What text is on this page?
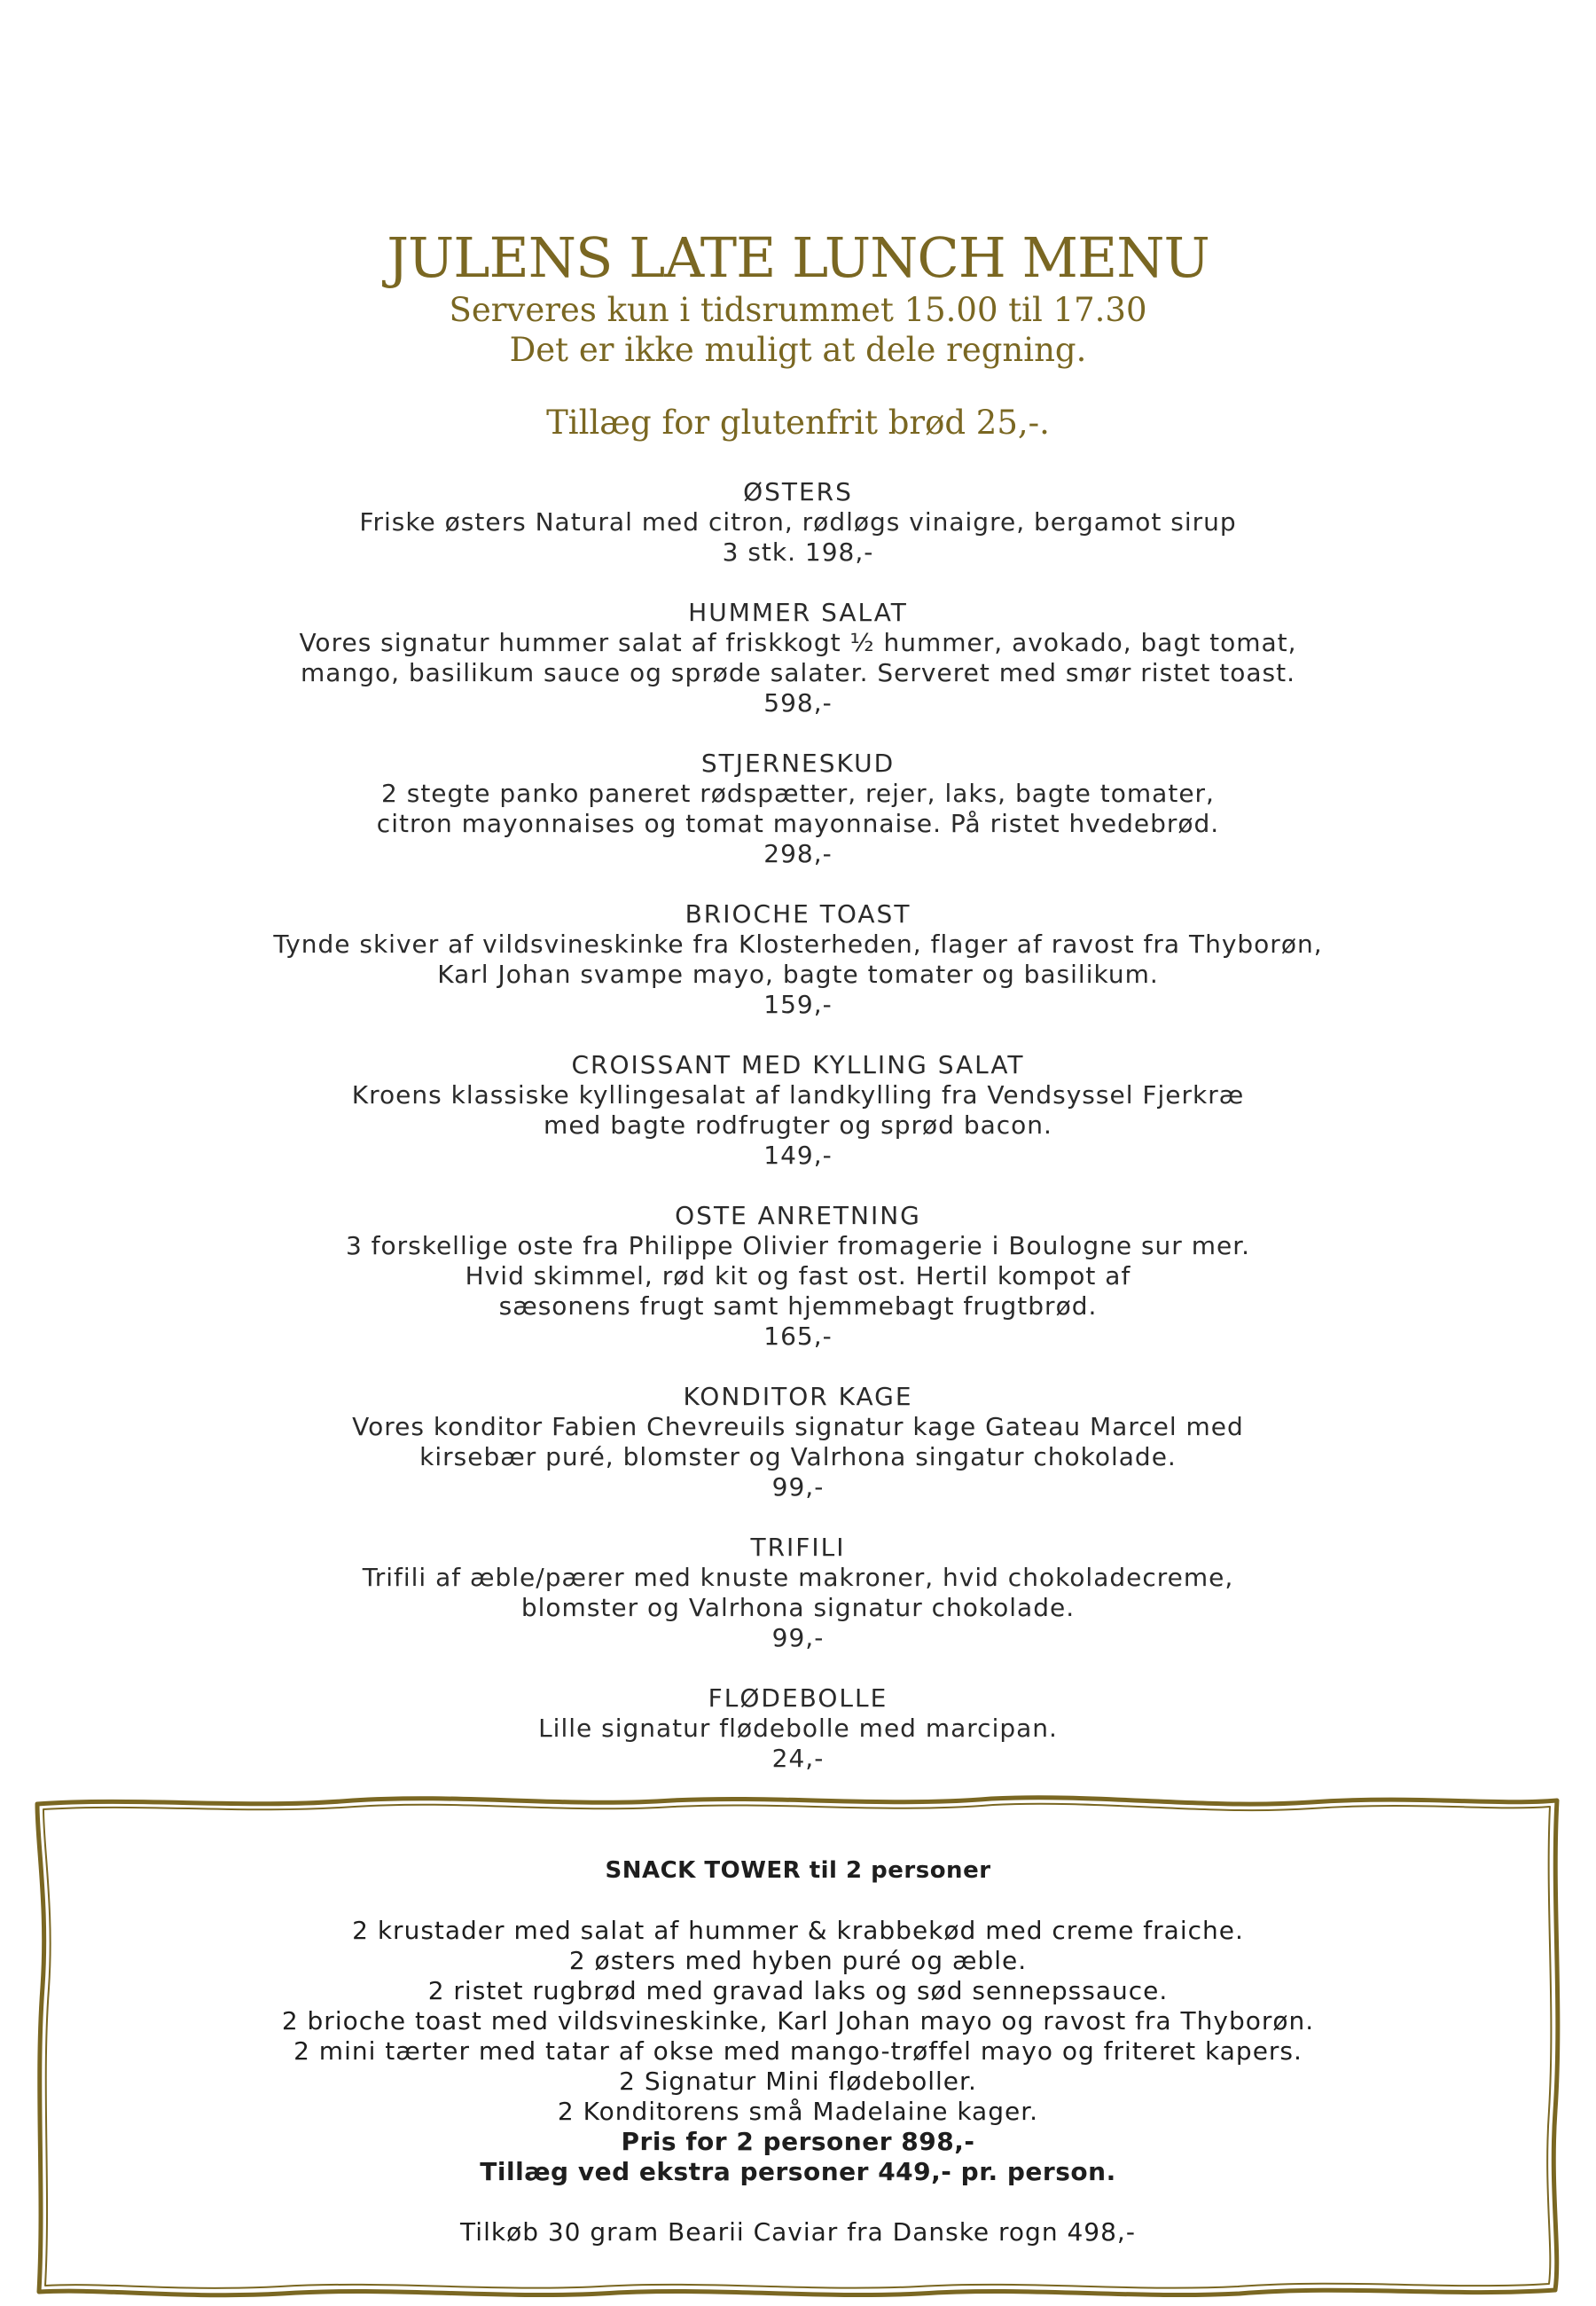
JULENS LATE LUNCH MENU
Serveres kun i tidsrummet 15.00 til 17.30
Det er ikke muligt at dele regning.
Tillæg for glutenfrit brød 25,-.
ØSTERS
Friske østers Natural med citron, rødløgs vinaigre, bergamot sirup
3 stk. 198,-
HUMMER SALAT
Vores signatur hummer salat af friskkogt ½ hummer, avokado, bagt tomat,
mango, basilikum sauce og sprøde salater. Serveret med smør ristet toast.
598,-
STJERNESKUD
2 stegte panko paneret rødspætter, rejer, laks, bagte tomater,
citron mayonnaises og tomat mayonnaise. På ristet hvedebrød.
298,-
BRIOCHE TOAST
Tynde skiver af vildsvineskinke fra Klosterheden, flager af ravost fra Thyborøn,
Karl Johan svampe mayo, bagte tomater og basilikum.
159,-
CROISSANT MED KYLLING SALAT
Kroens klassiske kyllingesalat af landkylling fra Vendsyssel Fjerkræ
med bagte rodfrugter og sprød bacon.
149,-
OSTE ANRETNING
3 forskellige oste fra Philippe Olivier fromagerie i Boulogne sur mer.
Hvid skimmel, rød kit og fast ost. Hertil kompot af
sæsonens frugt samt hjemmebagt frugtbrød.
165,-
KONDITOR KAGE
Vores konditor Fabien Chevreuils signatur kage Gateau Marcel med
kirsebær puré, blomster og Valrhona singatur chokolade.
99,-
TRIFILI
Trifili af æble/pærer med knuste makroner, hvid chokoladecreme,
blomster og Valrhona signatur chokolade.
99,-
FLØDEBOLLE
Lille signatur flødebolle med marcipan.
24,-
SNACK TOWER til 2 personer
2 krustader med salat af hummer & krabbekød med creme fraiche.
2 østers med hyben puré og æble.
2 ristet rugbrød med gravad laks og sød sennepssauce.
2 brioche toast med vildsvineskinke, Karl Johan mayo og ravost fra Thyborøn.
2 mini tærter med tatar af okse med mango-trøffel mayo og friteret kapers.
2 Signatur Mini flødeboller.
2 Konditorens små Madelaine kager.
Pris for 2 personer 898,-
Tillæg ved ekstra personer 449,- pr. person.
Tilkøb 30 gram Bearii Caviar fra Danske rogn 498,-
